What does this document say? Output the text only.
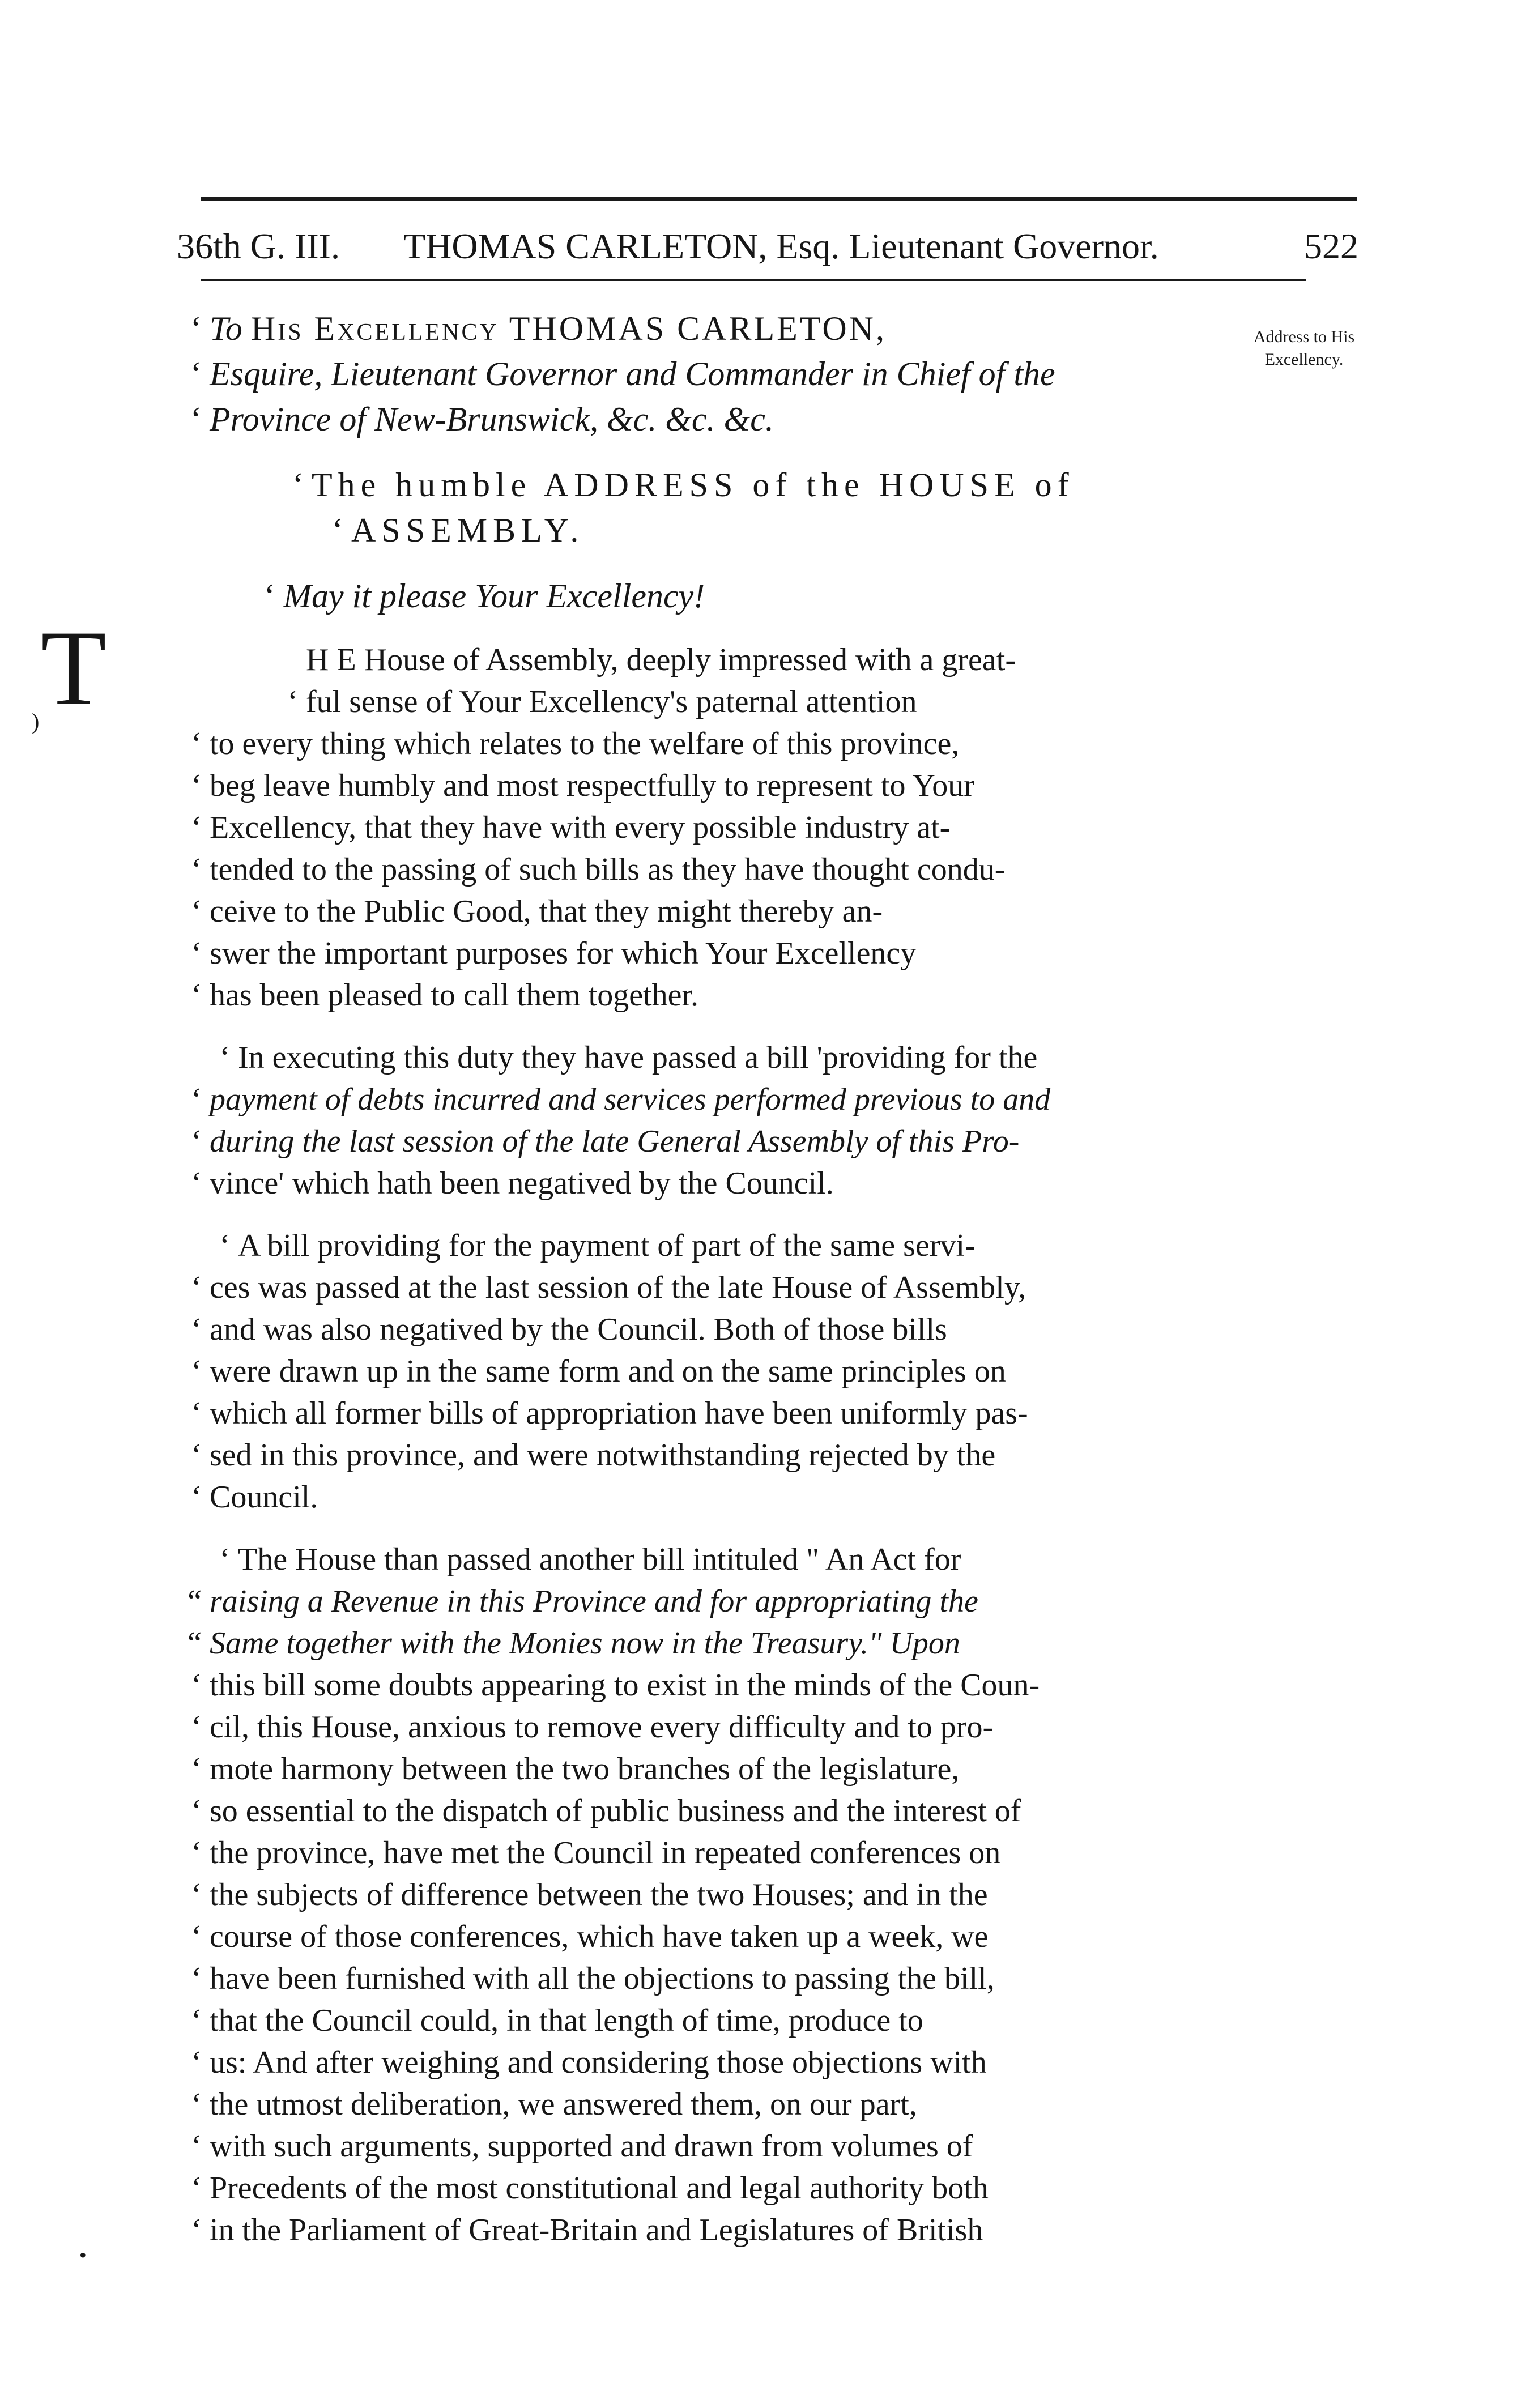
36th G. III. THOMAS CARLETON, Esq. Lieutenant Governor.	522
Address to His
Excellency.
)
•
T
‘ To His Excellency THOMAS CARLETON,
‘ Esquire, Lieutenant Governor and Commander in Chief of the
‘ Province of New-Brunswick, &c. &c. &c.
‘ The humble ADDRESS of the HOUSE of
‘ ASSEMBLY.
‘ May it please Your Excellency!
H E House of Assembly, deeply impressed with a great-
‘ ful sense of Your Excellency's paternal attention
‘ to every thing which relates to the welfare of this province,
‘ beg leave humbly and most respectfully to represent to Your
‘ Excellency, that they have with every possible industry at-
‘ tended to the passing of such bills as they have thought condu-
‘ ceive to the Public Good, that they might thereby an-
‘ swer the important purposes for which Your Excellency
‘ has been pleased to call them together.
‘ In executing this duty they have passed a bill 'providing for the
‘ payment of debts incurred and services performed previous to and
‘ during the last session of the late General Assembly of this Pro-
‘ vince' which hath been negatived by the Council.
‘ A bill providing for the payment of part of the same servi-
‘ ces was passed at the last session of the late House of Assembly,
‘ and was also negatived by the Council. Both of those bills
‘ were drawn up in the same form and on the same principles on
‘ which all former bills of appropriation have been uniformly pas-
‘ sed in this province, and were notwithstanding rejected by the
‘ Council.
‘ The House than passed another bill intituled " An Act for
“ raising a Revenue in this Province and for appropriating the
“ Same together with the Monies now in the Treasury." Upon
‘ this bill some doubts appearing to exist in the minds of the Coun-
‘ cil, this House, anxious to remove every difficulty and to pro-
‘ mote harmony between the two branches of the legislature,
‘ so essential to the dispatch of public business and the interest of
‘ the province, have met the Council in repeated conferences on
‘ the subjects of difference between the two Houses; and in the
‘ course of those conferences, which have taken up a week, we
‘ have been furnished with all the objections to passing the bill,
‘ that the Council could, in that length of time, produce to
‘ us: And after weighing and considering those objections with
‘ the utmost deliberation, we answered them, on our part,
‘ with such arguments, supported and drawn from volumes of
‘ Precedents of the most constitutional and legal authority both
‘ in the Parliament of Great-Britain and Legislatures of British
